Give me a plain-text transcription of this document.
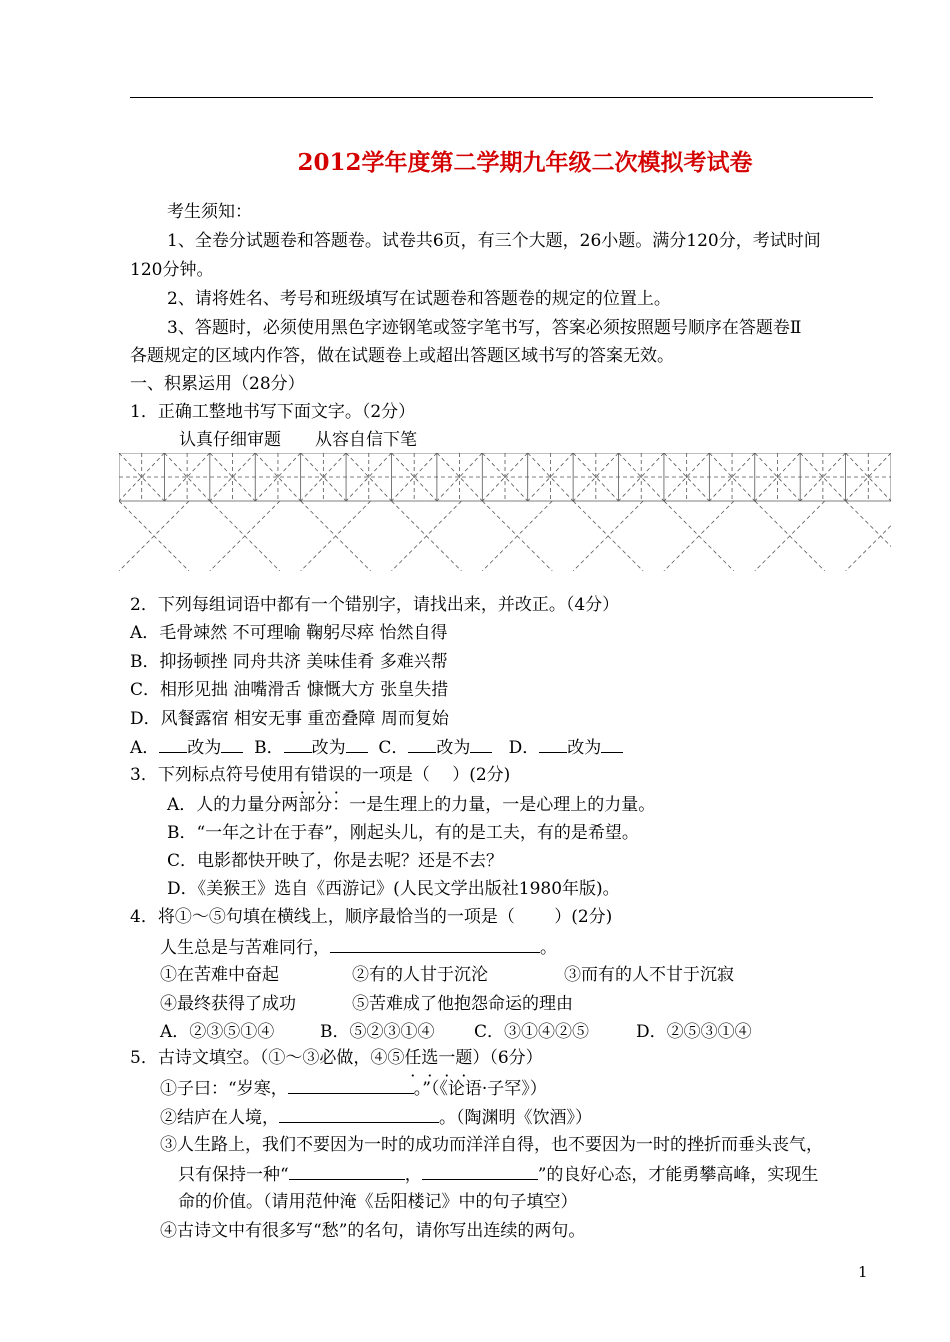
2012学年度第二学期九年级二次模拟考试卷
考生须知：
1、全卷分试题卷和答题卷。试卷共6页，有三个大题，26小题。满分120分，考试时间
120分钟。
2、请将姓名、考号和班级填写在试题卷和答题卷的规定的位置上。
3、答题时，必须使用黑色字迹钢笔或签字笔书写，答案必须按照题号顺序在答题卷Ⅱ
各题规定的区域内作答，做在试题卷上或超出答题区域书写的答案无效。
一、积累运用（28分）
1．正确工整地书写下面文字。（2分）
认真仔细审题　　从容自信下笔
2．下列每组词语中都有一个错别字，请找出来，并改正。（4分）
A．毛骨竦然 不可理喻 鞠躬尽瘁 怡然自得
B．抑扬顿挫 同舟共济 美味佳肴 多难兴帮
C．相形见拙 油嘴滑舌 慷慨大方 张皇失措
D．风餐露宿 相安无事 重峦叠障 周而复始
A． 改为 B． 改为 C． 改为 D． 改为
3．下列标点符号使用有错误的一项是（　 ）(2分)
A．人的力量分两部分：一是生理上的力量，一是心理上的力量。
B．“一年之计在于春”，刚起头儿，有的是工夫，有的是希望。
C．电影都快开映了，你是去呢？还是不去？
D．《美猴王》选自《西游记》(人民文学出版社1980年版)。
4．将①～⑤句填在横线上，顺序最恰当的一项是（　　 ）(2分)
人生总是与苦难同行，	。
①在苦难中奋起	②有的人甘于沉沦	③而有的人不甘于沉寂
④最终获得了成功	⑤苦难成了他抱怨命运的理由
A．②③⑤①④	B．⑤②③①④ C．③①④②⑤	D．②⑤③①④
5．古诗文填空。（①～③必做，④⑤任选一题）（6分）
①子曰：“岁寒，	。”（《论语·子罕》）
②结庐在人境，	。（陶渊明《饮酒》）
③人生路上，我们不要因为一时的成功而洋洋自得，也不要因为一时的挫折而垂头丧气，
只有保持一种“	，	”的良好心态，才能勇攀高峰，实现生
命的价值。（请用范仲淹《岳阳楼记》中的句子填空）
④古诗文中有很多写“愁”的名句，请你写出连续的两句。
1
